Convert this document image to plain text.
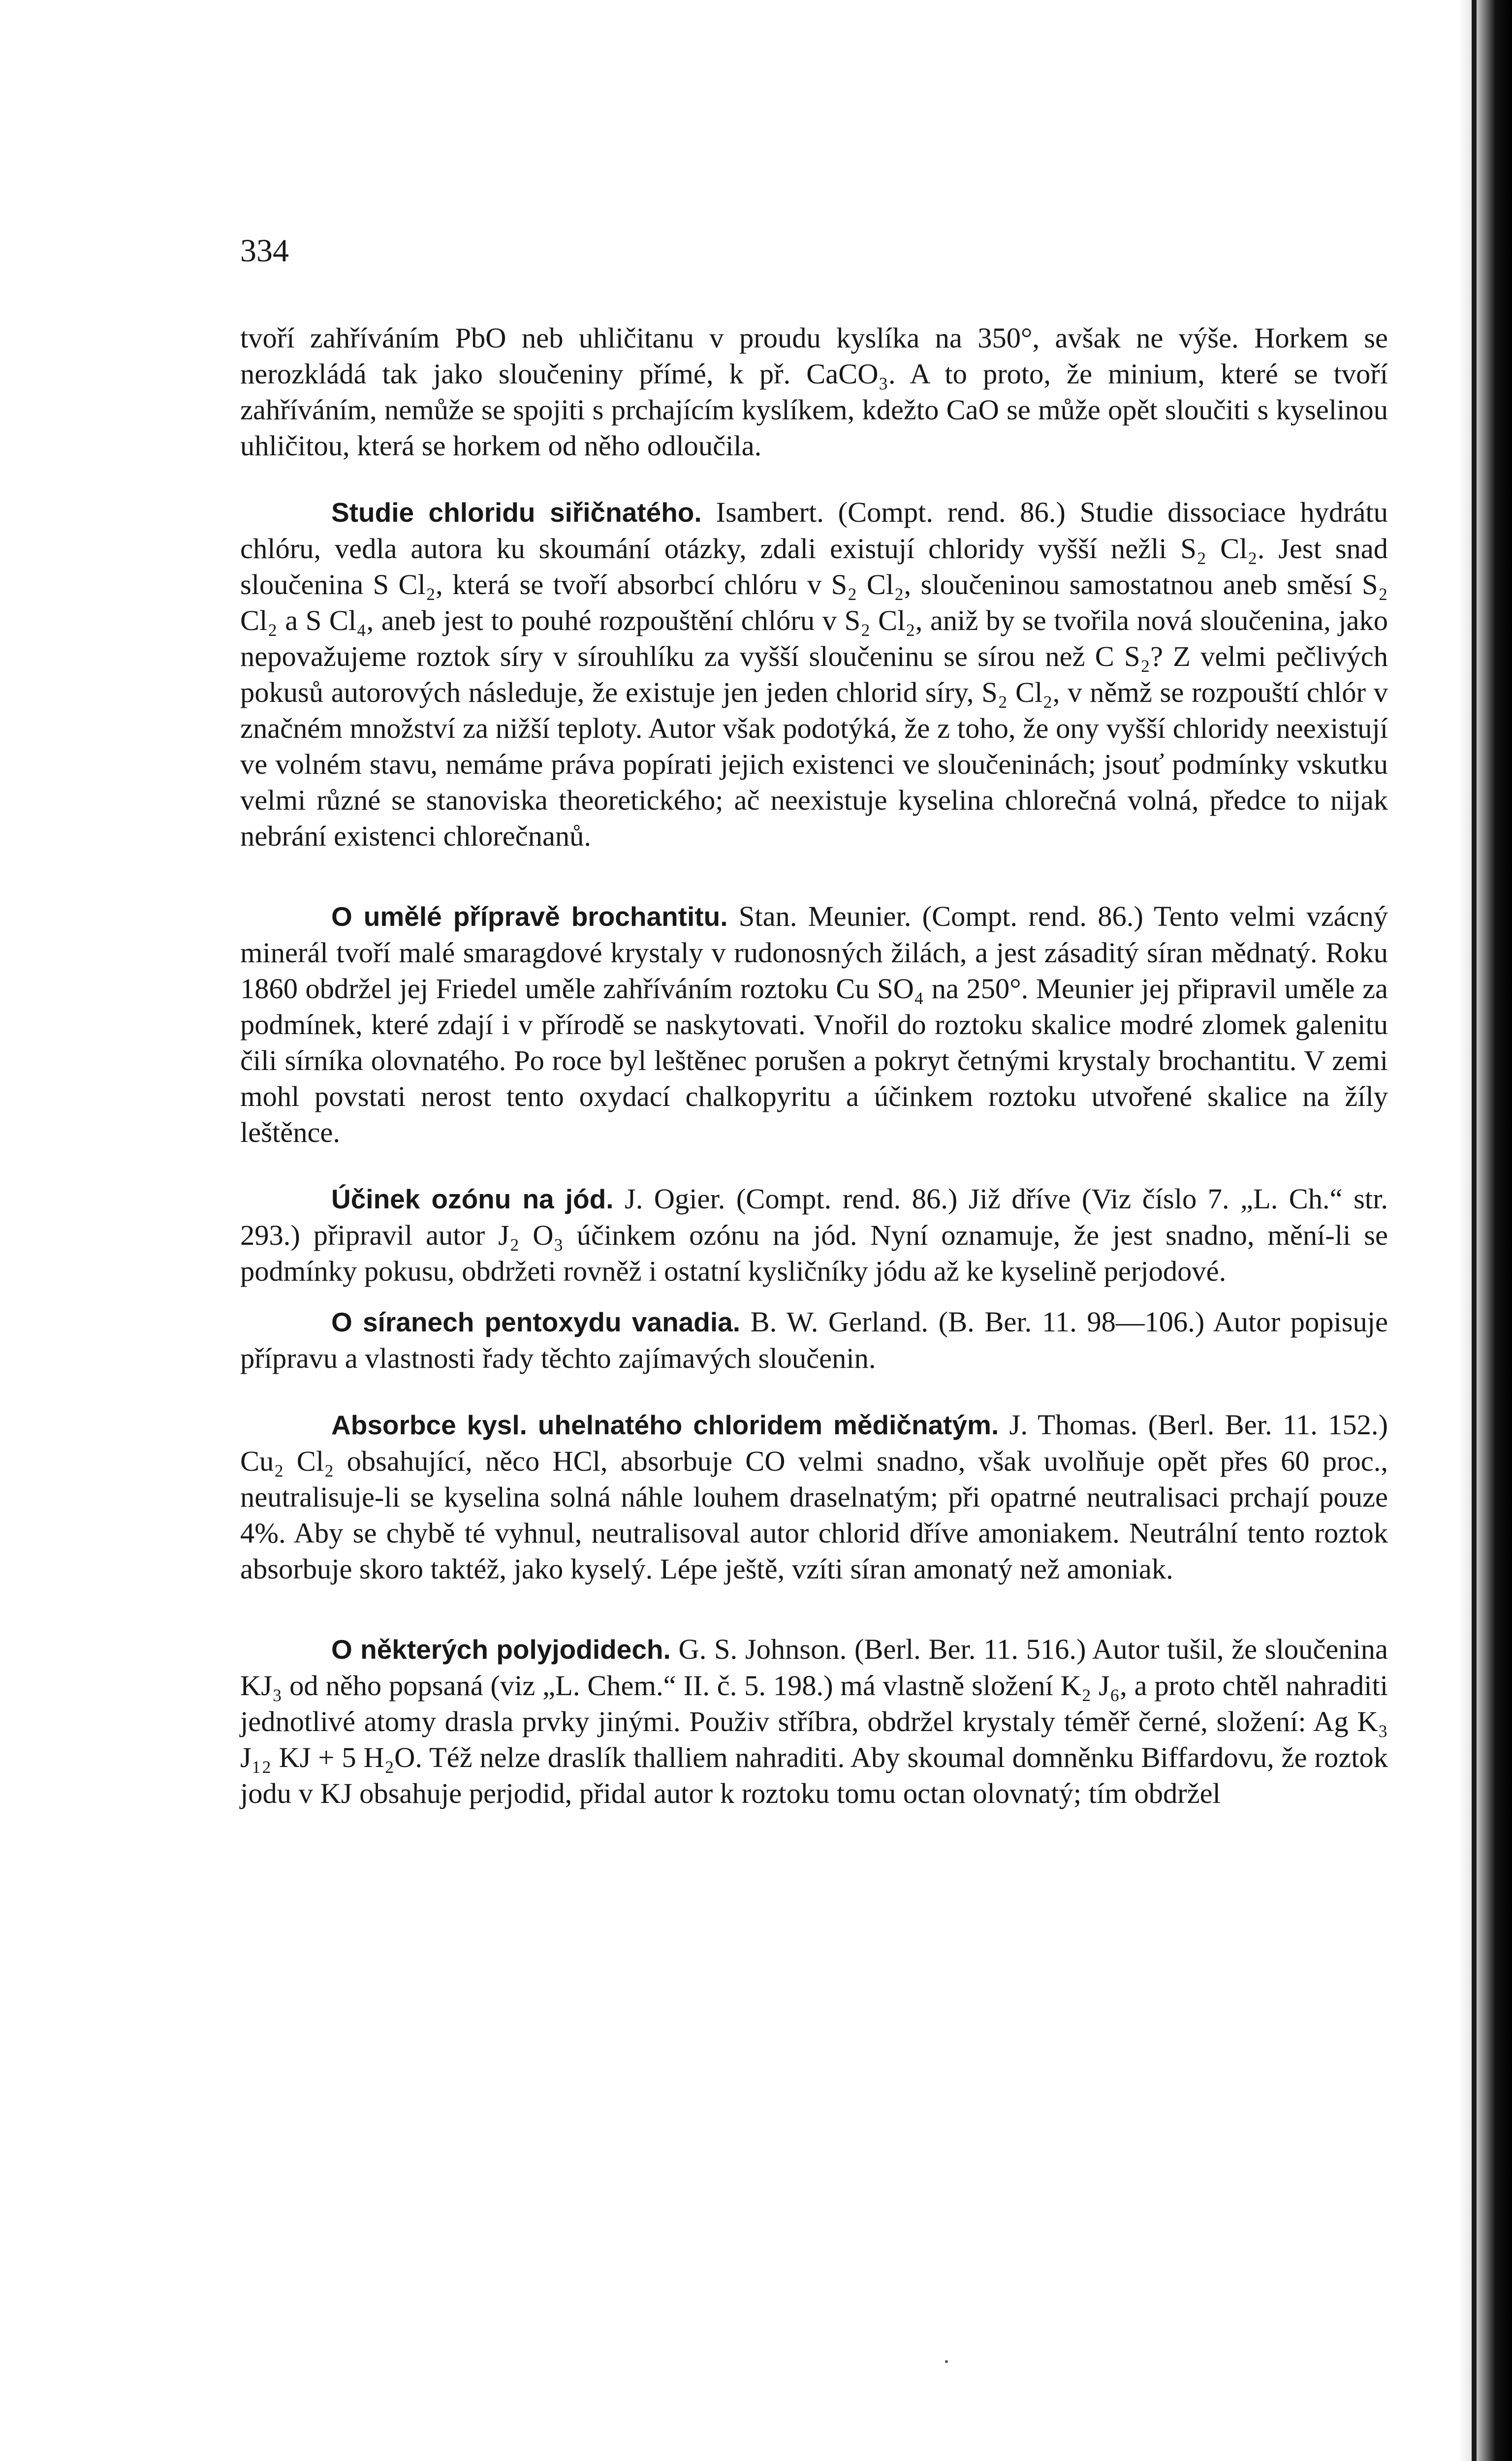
334

tvoří zahříváním PbO neb uhličitanu v proudu kyslíka na 350°, avšak ne výše. Horkem se nerozkládá tak jako sloučeniny přímé, k př. CaCO₃. A to proto, že minium, které se tvoří zahříváním, nemůže se spojiti s prchajícím kyslíkem, kdežto CaO se může opět sloučiti s kyselinou uhličitou, která se horkem od něho odloučila.

Studie chloridu siřičnatého. Isambert. (Compt. rend. 86.) Studie dissociace hydrátu chlóru, vedla autora ku skoumání otázky, zdali existují chloridy vyšší nežli S₂ Cl₂. Jest snad sloučenina S Cl₂, která se tvoří absorbcí chlóru v S₂ Cl₂, sloučeninou samostatnou aneb směsí S₂ Cl₂ a S Cl₄, aneb jest to pouhé rozpouštění chlóru v S₂ Cl₂, aniž by se tvořila nová sloučenina, jako nepovažujeme roztok síry v sírouhlíku za vyšší sloučeninu se sírou než C S₂? Z velmi pečlivých pokusů autorových následuje, že existuje jen jeden chlorid síry, S₂ Cl₂, v němž se rozpouští chlór v značném množství za nižší teploty. Autor však podotýká, že z toho, že ony vyšší chloridy neexistují ve volném stavu, nemáme práva popírati jejich existenci ve sloučeninách; jsouť podmínky vskutku velmi různé se stanoviska theoretického; ač neexistuje kyselina chlorečná volná, předce to nijak nebrání existenci chlorečnanů.

O umělé přípravě brochantitu. Stan. Meunier. (Compt. rend. 86.) Tento velmi vzácný minerál tvoří malé smaragdové krystaly v rudonosných žilách, a jest zásaditý síran mědnatý. Roku 1860 obdržel jej Friedel uměle zahříváním roztoku Cu SO₄ na 250°. Meunier jej připravil uměle za podmínek, které zdají i v přírodě se naskytovati. Vnořil do roztoku skalice modré zlomek galenitu čili sírníka olovnatého. Po roce byl leštěnec porušen a pokryt četnými krystaly brochantitu. V zemi mohl povstati nerost tento oxydací chalkopyritu a účinkem roztoku utvořené skalice na žíly leštěnce.

Účinek ozónu na jód. J. Ogier. (Compt. rend. 86.) Již dříve (Viz číslo 7. „L. Ch.“ str. 293.) připravil autor J₂ O₃ účinkem ozónu na jód. Nyní oznamuje, že jest snadno, mění-li se podmínky pokusu, obdržeti rovněž i ostatní kysličníky jódu až ke kyselině perjodové.

O síranech pentoxydu vanadia. B. W. Gerland. (B. Ber. 11. 98—106.) Autor popisuje přípravu a vlastnosti řady těchto zajímavých sloučenin.

Absorbce kysl. uhelnatého chloridem mědičnatým. J. Thomas. (Berl. Ber. 11. 152.) Cu₂ Cl₂ obsahující, něco HCl, absorbuje CO velmi snadno, však uvolňuje opět přes 60 proc., neutralisuje-li se kyselina solná náhle louhem draselnatým; při opatrné neutralisaci prchají pouze 4%. Aby se chybě té vyhnul, neutralisoval autor chlorid dříve amoniakem. Neutrální tento roztok absorbuje skoro taktéž, jako kyselý. Lépe ještě, vzíti síran amonatý než amoniak.

O některých polyjodidech. G. S. Johnson. (Berl. Ber. 11. 516.) Autor tušil, že sloučenina KJ₃ od něho popsaná (viz „L. Chem.“ II. č. 5. 198.) má vlastně složení K₂ J₆, a proto chtěl nahraditi jednotlivé atomy drasla prvky jinými. Použiv stříbra, obdržel krystaly téměř černé, složení: Ag K₃ J₁₂ KJ + 5 H₂O. Též nelze draslík thalliem nahraditi. Aby skoumal domněnku Biffardovu, že roztok jodu v KJ obsahuje perjodid, přidal autor k roztoku tomu octan olovnatý; tím obdržel
